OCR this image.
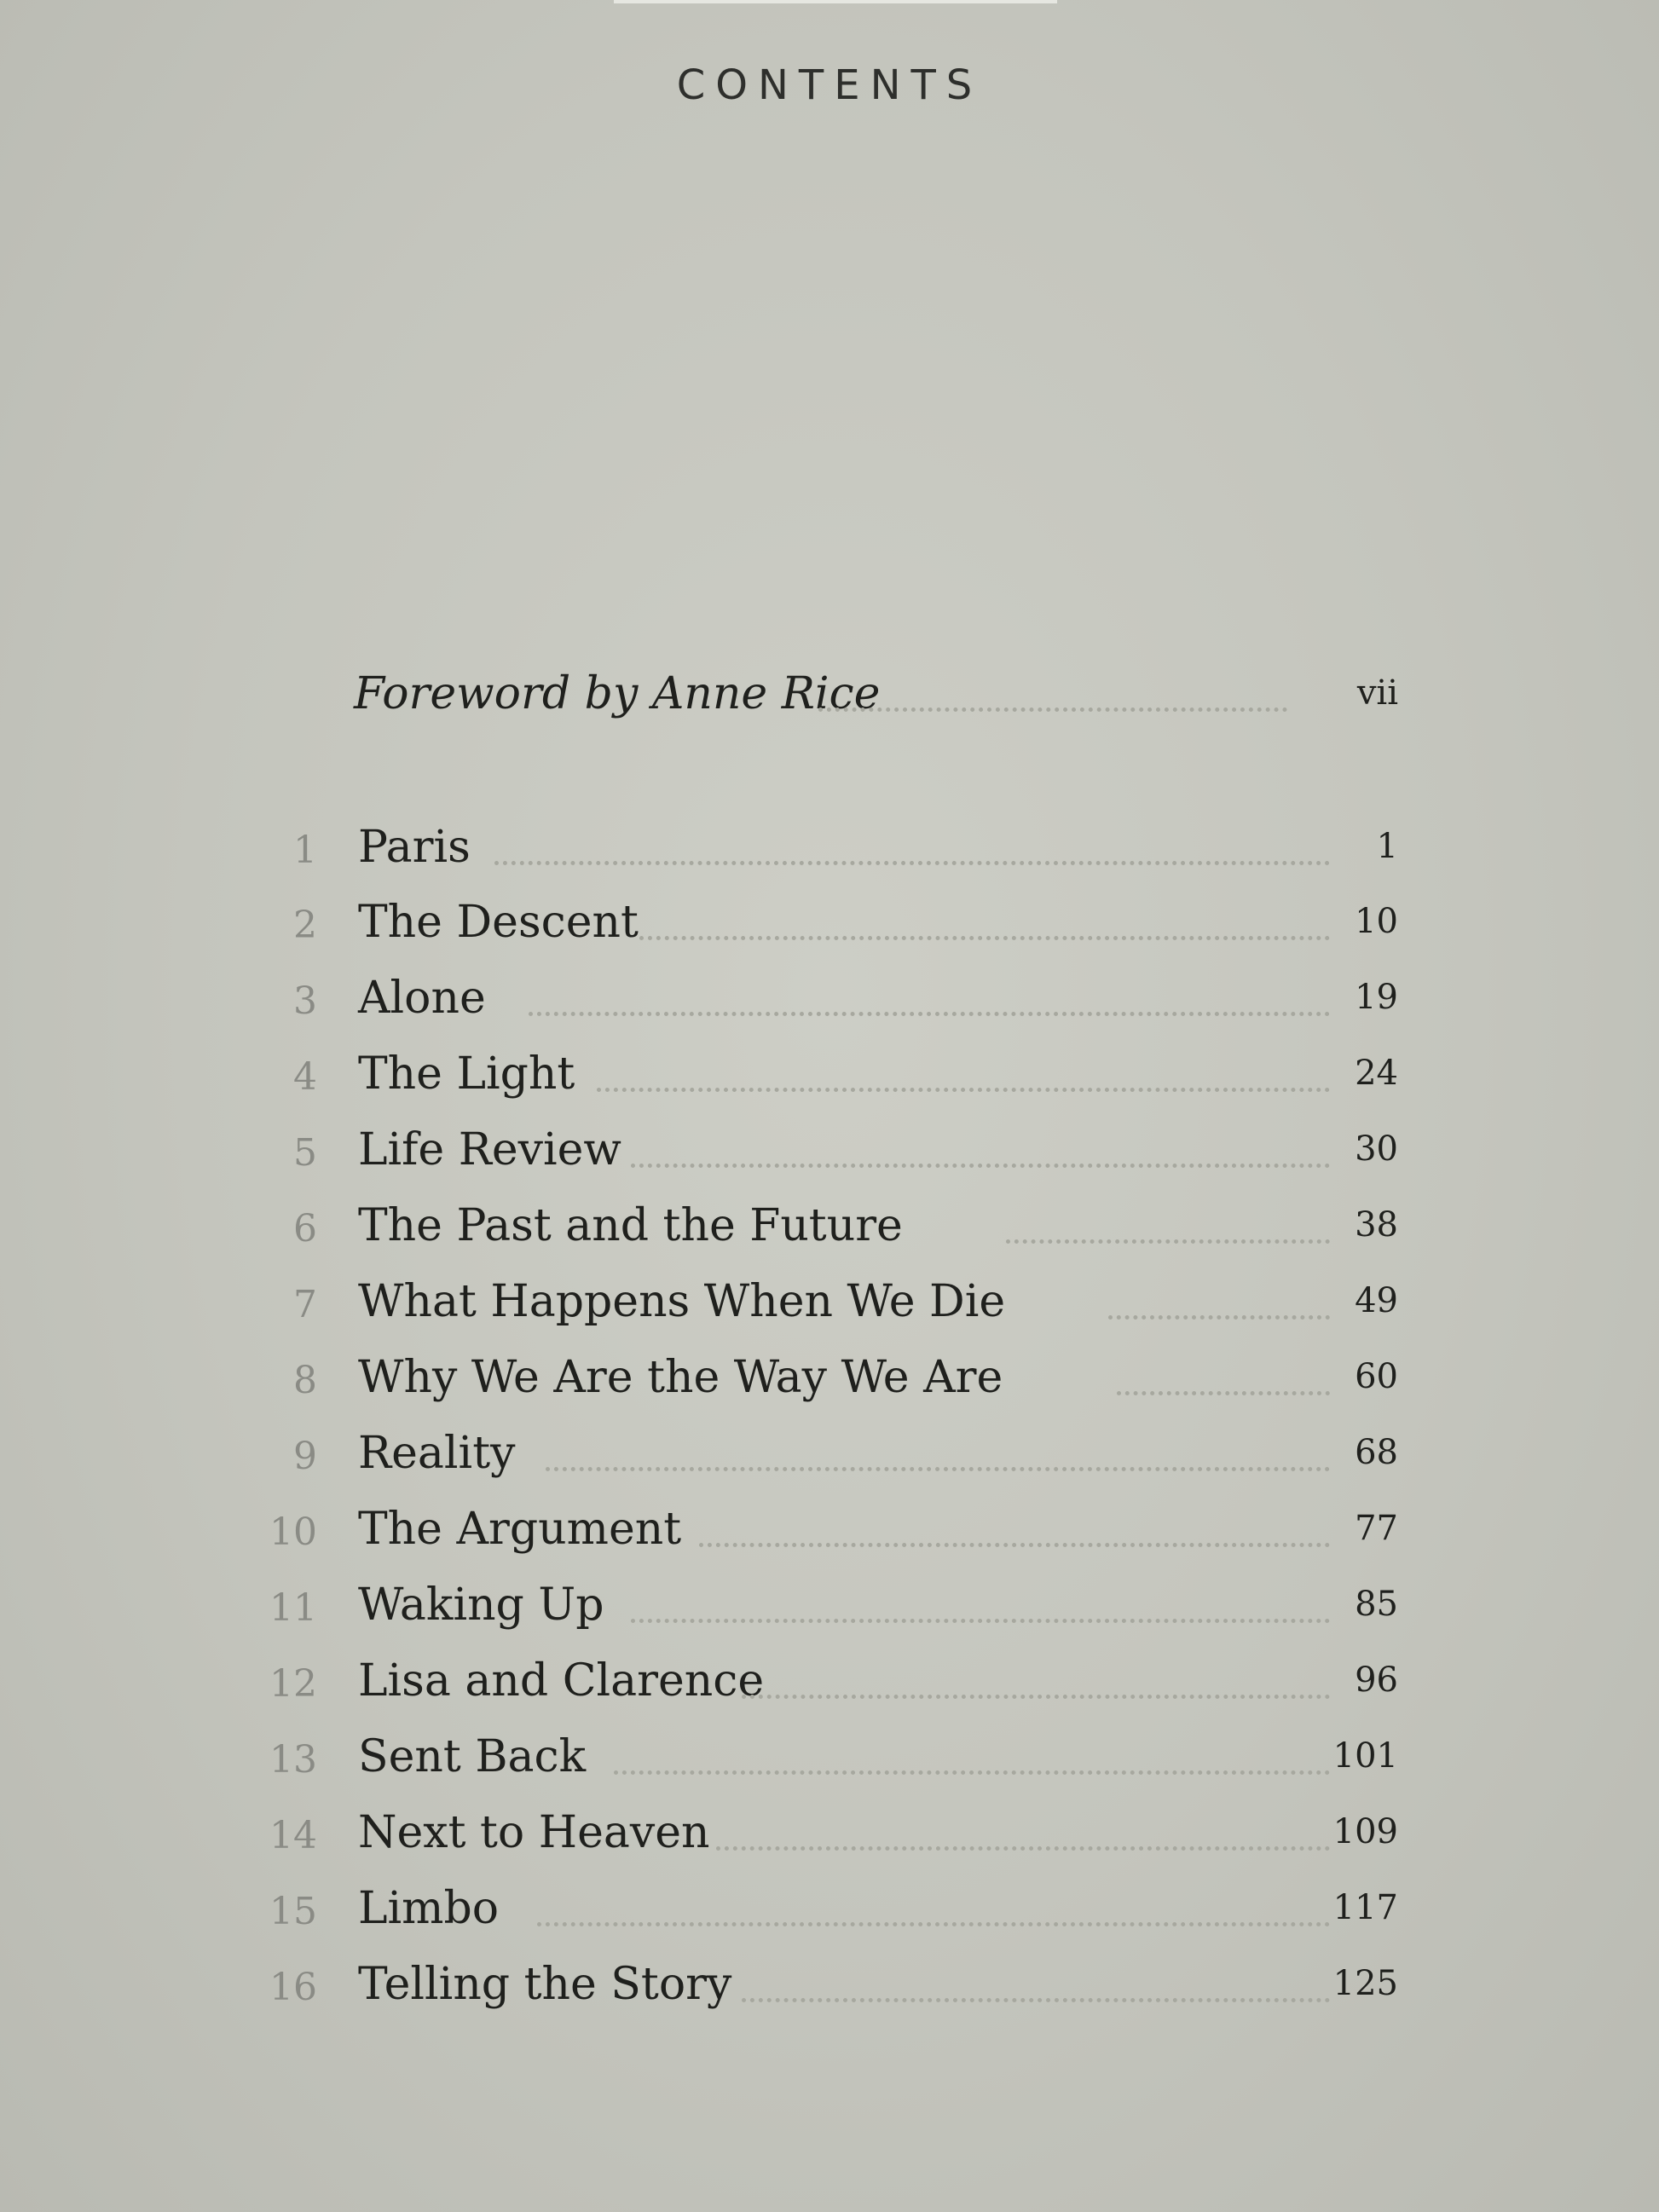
CONTENTS
Foreword by Anne Rice	vii
1 Paris	1
2 The Descent	10
3 Alone	19
4 The Light	24
5 Life Review	30
6 The Past and the Future	38
7 What Happens When We Die	49
8 Why We Are the Way We Are	60
9 Reality	68
10 The Argument	77
11 Waking Up	85
12 Lisa and Clarence	96
13 Sent Back	101
14 Next to Heaven	109
15 Limbo	117
16 Telling the Story	125
